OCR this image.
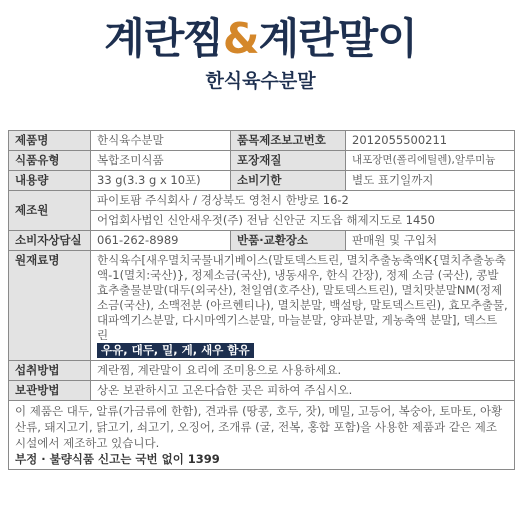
계란찜&계란말이
한식육수분말
제품명	한식육수분말	품목제조보고번호	2012055500211
식품유형	복합조미식품	포장재질	내포장면(폴리에틸렌),알루미늄
내용량	33 g(3.3 g x 10포)	소비기한	별도 표기일까지
제조원	파이토팜 주식회사 / 경상북도 영천시 한방로 16-2		
	어업회사법인 신안새우젓(주) 전남 신안군 지도읍 해제지도로 1450		
소비자상담실	061-262-8989	반품·교환장소	판매원 및 구입처
원재료명	한식육수[새우멸치국물내기베이스(말토덱스트린, 멸치추출농축액K{멸치추출농축액-1(멸치:국산)}, 정제소금(국산), 냉동새우, 한식 간장), 정제 소금 (국산), 콩발효추출물분말(대두(외국산), 천일염(호주산), 말토덱스트린), 멸치맛분말NM(정제소금(국산), 소맥전분 (아르헨티나), 멸치분말, 백설탕, 말토덱스트린), 효모추출물, 대파엑기스분말, 다시마엑기스분말, 마늘분말, 양파분말, 게농축액 분말], 덱스트린
우유, 대두, 밀, 게, 새우 함유		
섭취방법	계란찜, 계란말이 요리에 조미용으로 사용하세요.		
보관방법	상온 보관하시고 고온다습한 곳은 피하여 주십시오.		

이 제품은 대두, 알류(가금류에 한함), 견과류 (땅콩, 호두, 잣), 메밀, 고등어, 복숭아, 토마토, 아황산류, 돼지고기, 닭고기, 쇠고기, 오징어, 조개류 (굴, 전복, 홍합 포함)을 사용한 제품과 같은 제조시설에서 제조하고 있습니다.
부정 · 불량식품 신고는 국번 없이 1399			
